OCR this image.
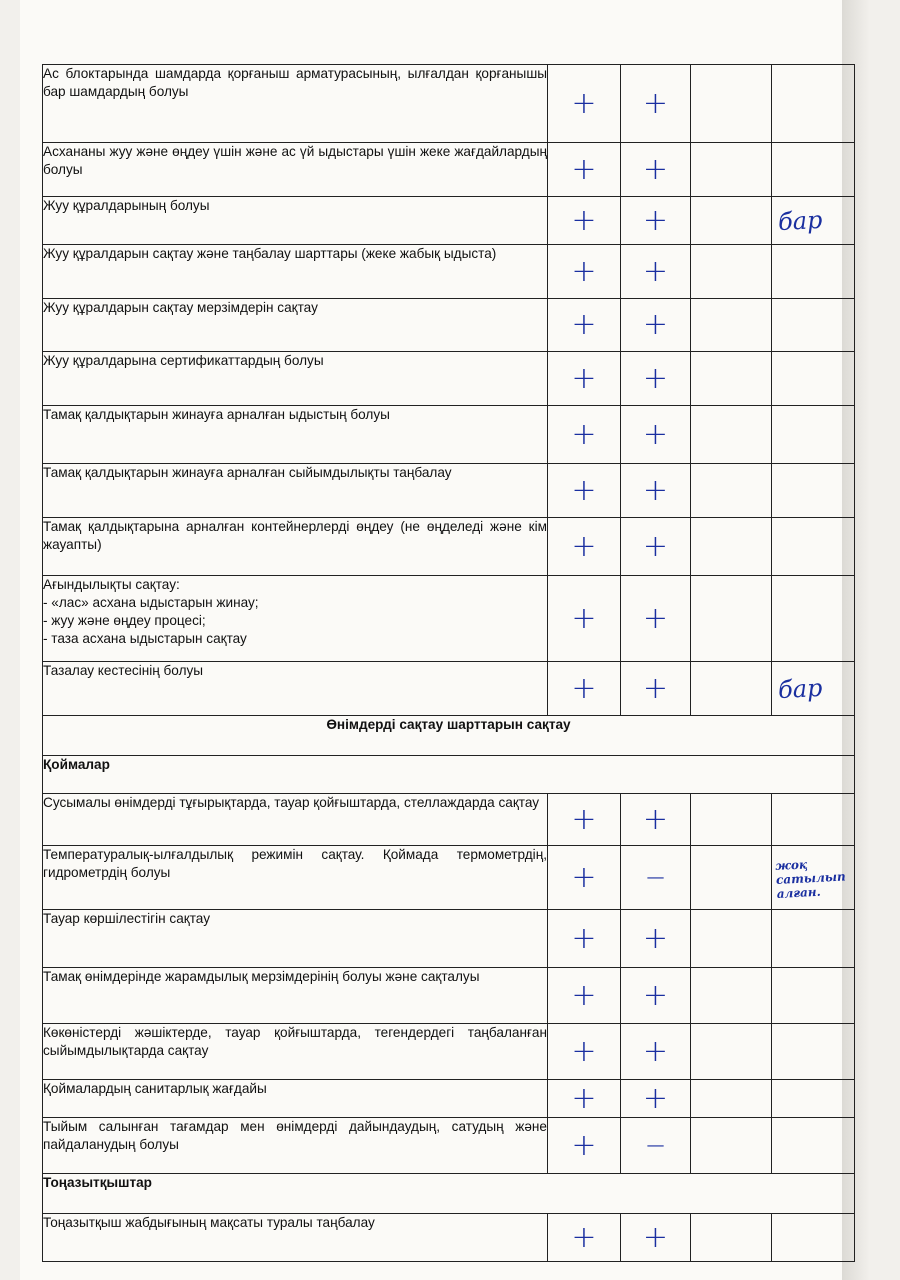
Ас блоктарында шамдарда қорғаныш арматурасының, ылғалдан қорғанышы бар шамдардың болуы	+	+		

Асхананы жуу және өңдеу үшін және ас үй ыдыстары үшін жеке жағдайлардың болуы	+	+		

Жуу құралдарының болуы	+	+		бар

Жуу құралдарын сақтау және таңбалау шарттары (жеке жабық ыдыста)	+	+		

Жуу құралдарын сақтау мерзімдерін сақтау	+	+		

Жуу құралдарына сертификаттардың болуы	+	+		

Тамақ қалдықтарын жинауға арналған ыдыстың болуы	+	+		

Тамақ қалдықтарын жинауға арналған сыйымдылықты таңбалау	+	+		

Тамақ қалдықтарына арналған контейнерлерді өңдеу (не өңделеді және кім жауапты)	+	+		

Ағындылықты сақтау:
- «лас» асхана ыдыстарын жинау;
- жуу және өңдеу процесі;
- таза асхана ыдыстарын сақтау	+	+		

Тазалау кестесінің болуы	+	+		бар

Өнімдерді сақтау шарттарын сақтау				
Қоймалар				
Сусымалы өнімдерді тұғырықтарда, тауар қойғыштарда, стеллаждарда сақтау	+	+		

Температуралық-ылғалдылық режимін сақтау. Қоймада термометрдің, гидрометрдің болуы	+	−		жоқ сатылып алған.

Тауар көршілестігін сақтау	+	+		

Тамақ өнімдерінде жарамдылық мерзімдерінің болуы және сақталуы	+	+		

Көкөністерді жәшіктерде, тауар қойғыштарда, тегендердегі таңбаланған сыйымдылықтарда сақтау	+	+		

Қоймалардың санитарлық жағдайы	+	+		

Тыйым салынған тағамдар мен өнімдерді дайындаудың, сатудың және пайдаланудың болуы	+	−		

Тоңазытқыштар				
Тоңазытқыш жабдығының мақсаты туралы таңбалау	+	+		
